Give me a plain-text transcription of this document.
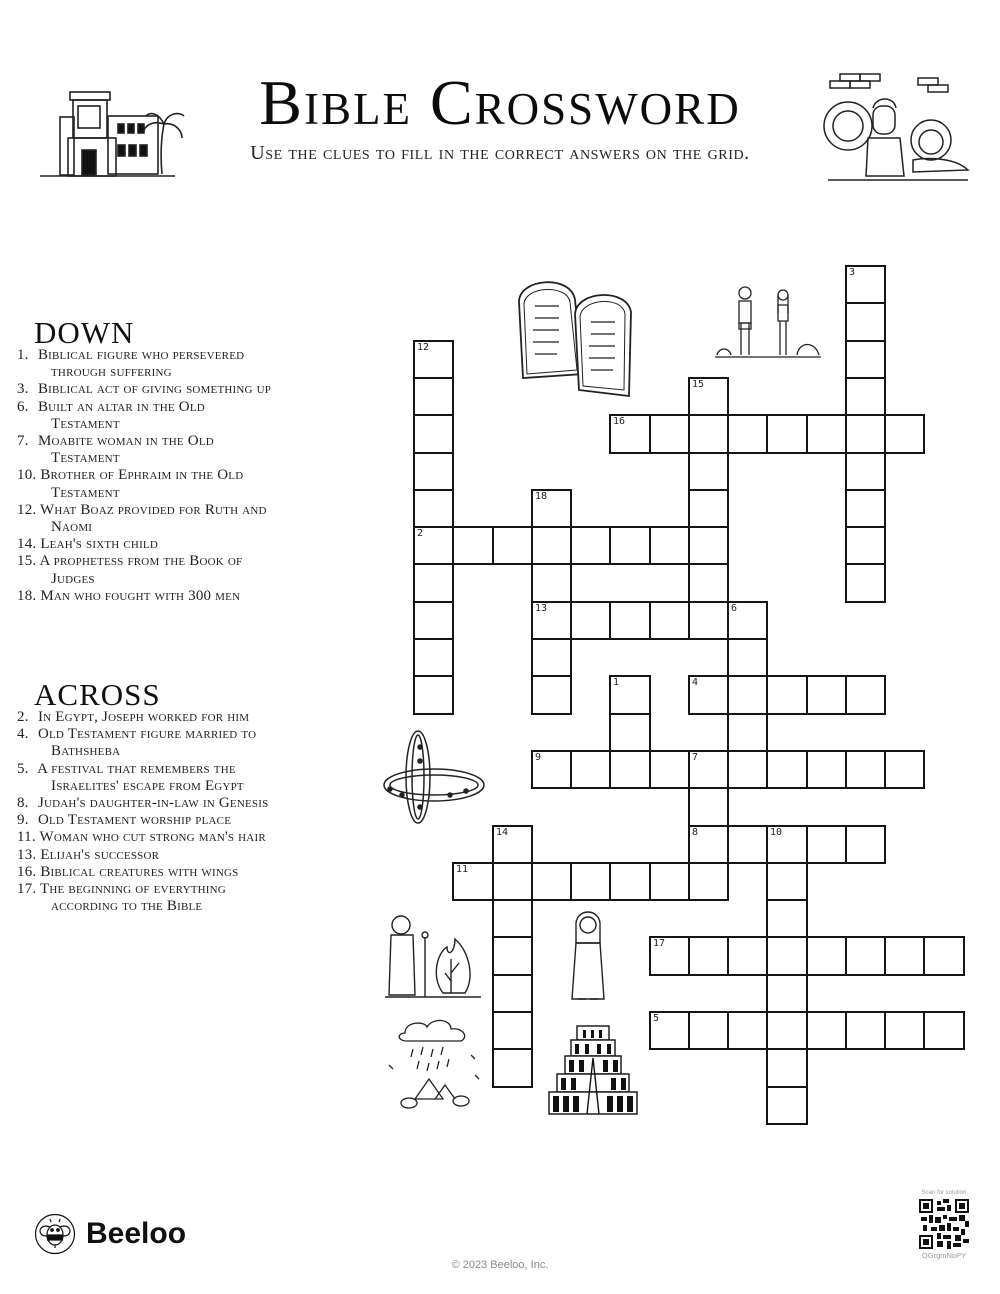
Bible Crossword
Use the clues to fill in the correct answers on the grid.
DOWN
1. Biblical figure who persevered through suffering
3. Biblical act of giving something up
6. Built an altar in the Old Testament
7. Moabite woman in the Old Testament
10. Brother of Ephraim in the Old Testament
12. What Boaz provided for Ruth and Naomi
14. Leah's sixth child
15. A prophetess from the Book of Judges
18. Man who fought with 300 men
ACROSS
2. In Egypt, Joseph worked for him
4. Old Testament figure married to Bathsheba
5. A festival that remembers the Israelites' escape from Egypt
8. Judah's daughter-in-law in Genesis
9. Old Testament worship place
11. Woman who cut strong man's hair
13. Elijah's successor
16. Biblical creatures with wings
17. The beginning of everything according to the Bible
3
12
2
15
16
18
13	6
1	4
9	7
8
14	10
11
17
5
Beeloo
© 2023 Beeloo, Inc.
Scan for solution
OGrgmNoPY
